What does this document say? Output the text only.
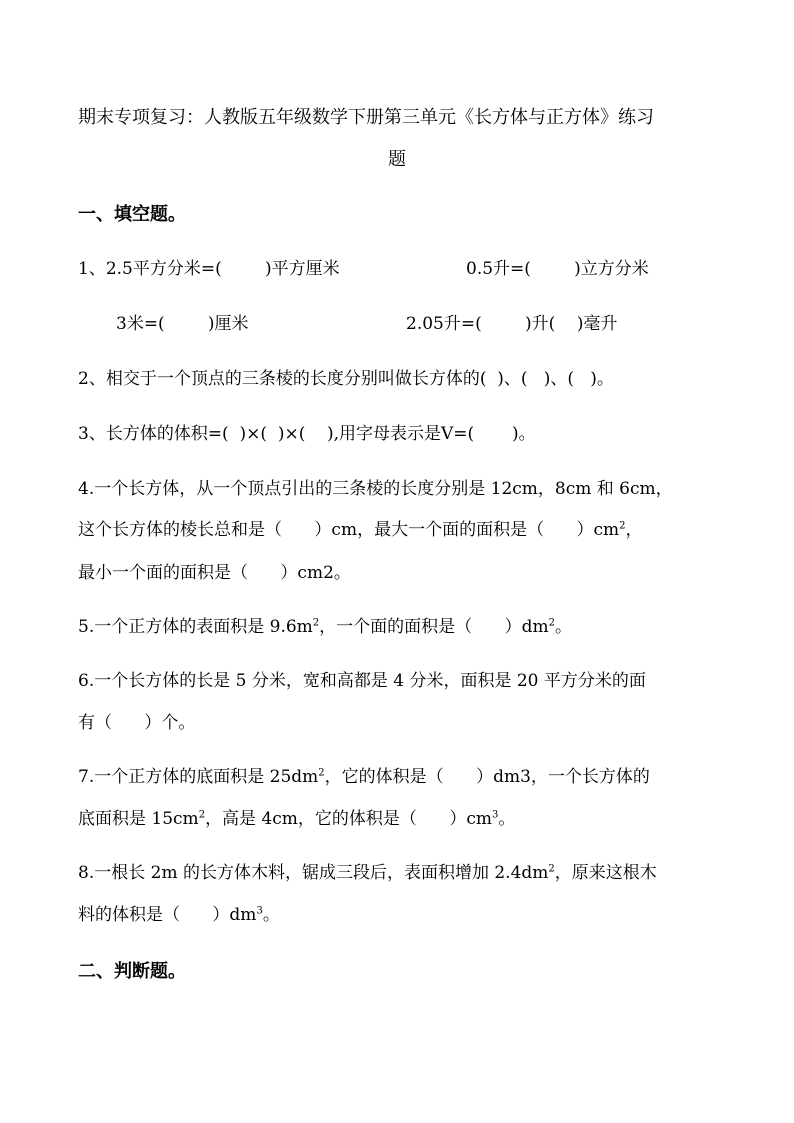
期末专项复习：人教版五年级数学下册第三单元《长方体与正方体》练习
题
一、填空题。
1、2.5平方分米=(        )平方厘米	0.5升=(        )立方分米
3米=(        )厘米	2.05升=(        )升(    )毫升
2、相交于一个顶点的三条棱的长度分别叫做长方体的(  )、(   )、(   )。
3、长方体的体积=(  )×(  )×(    ),用字母表示是V=(       )。
4.一个长方体，从一个顶点引出的三条棱的长度分别是 12cm，8cm 和 6cm，
这个长方体的棱长总和是（      ）cm，最大一个面的面积是（      ）$cm^2$，
最小一个面的面积是（      ）cm2。
5.一个正方体的表面积是 $9.6m^2$，一个面的面积是（      ）$dm^2$。
6.一个长方体的长是 5 分米，宽和高都是 4 分米，面积是 20 平方分米的面
有（      ）个。
7.一个正方体的底面积是 $25dm^2$，它的体积是（      ）dm3，一个长方体的
底面积是 $15cm^2$，高是 4cm，它的体积是（      ）$cm^3$。
8.一根长 2m 的长方体木料，锯成三段后，表面积增加 $2.4dm^2$，原来这根木
料的体积是（      ）$dm^3$。
二、判断题。
